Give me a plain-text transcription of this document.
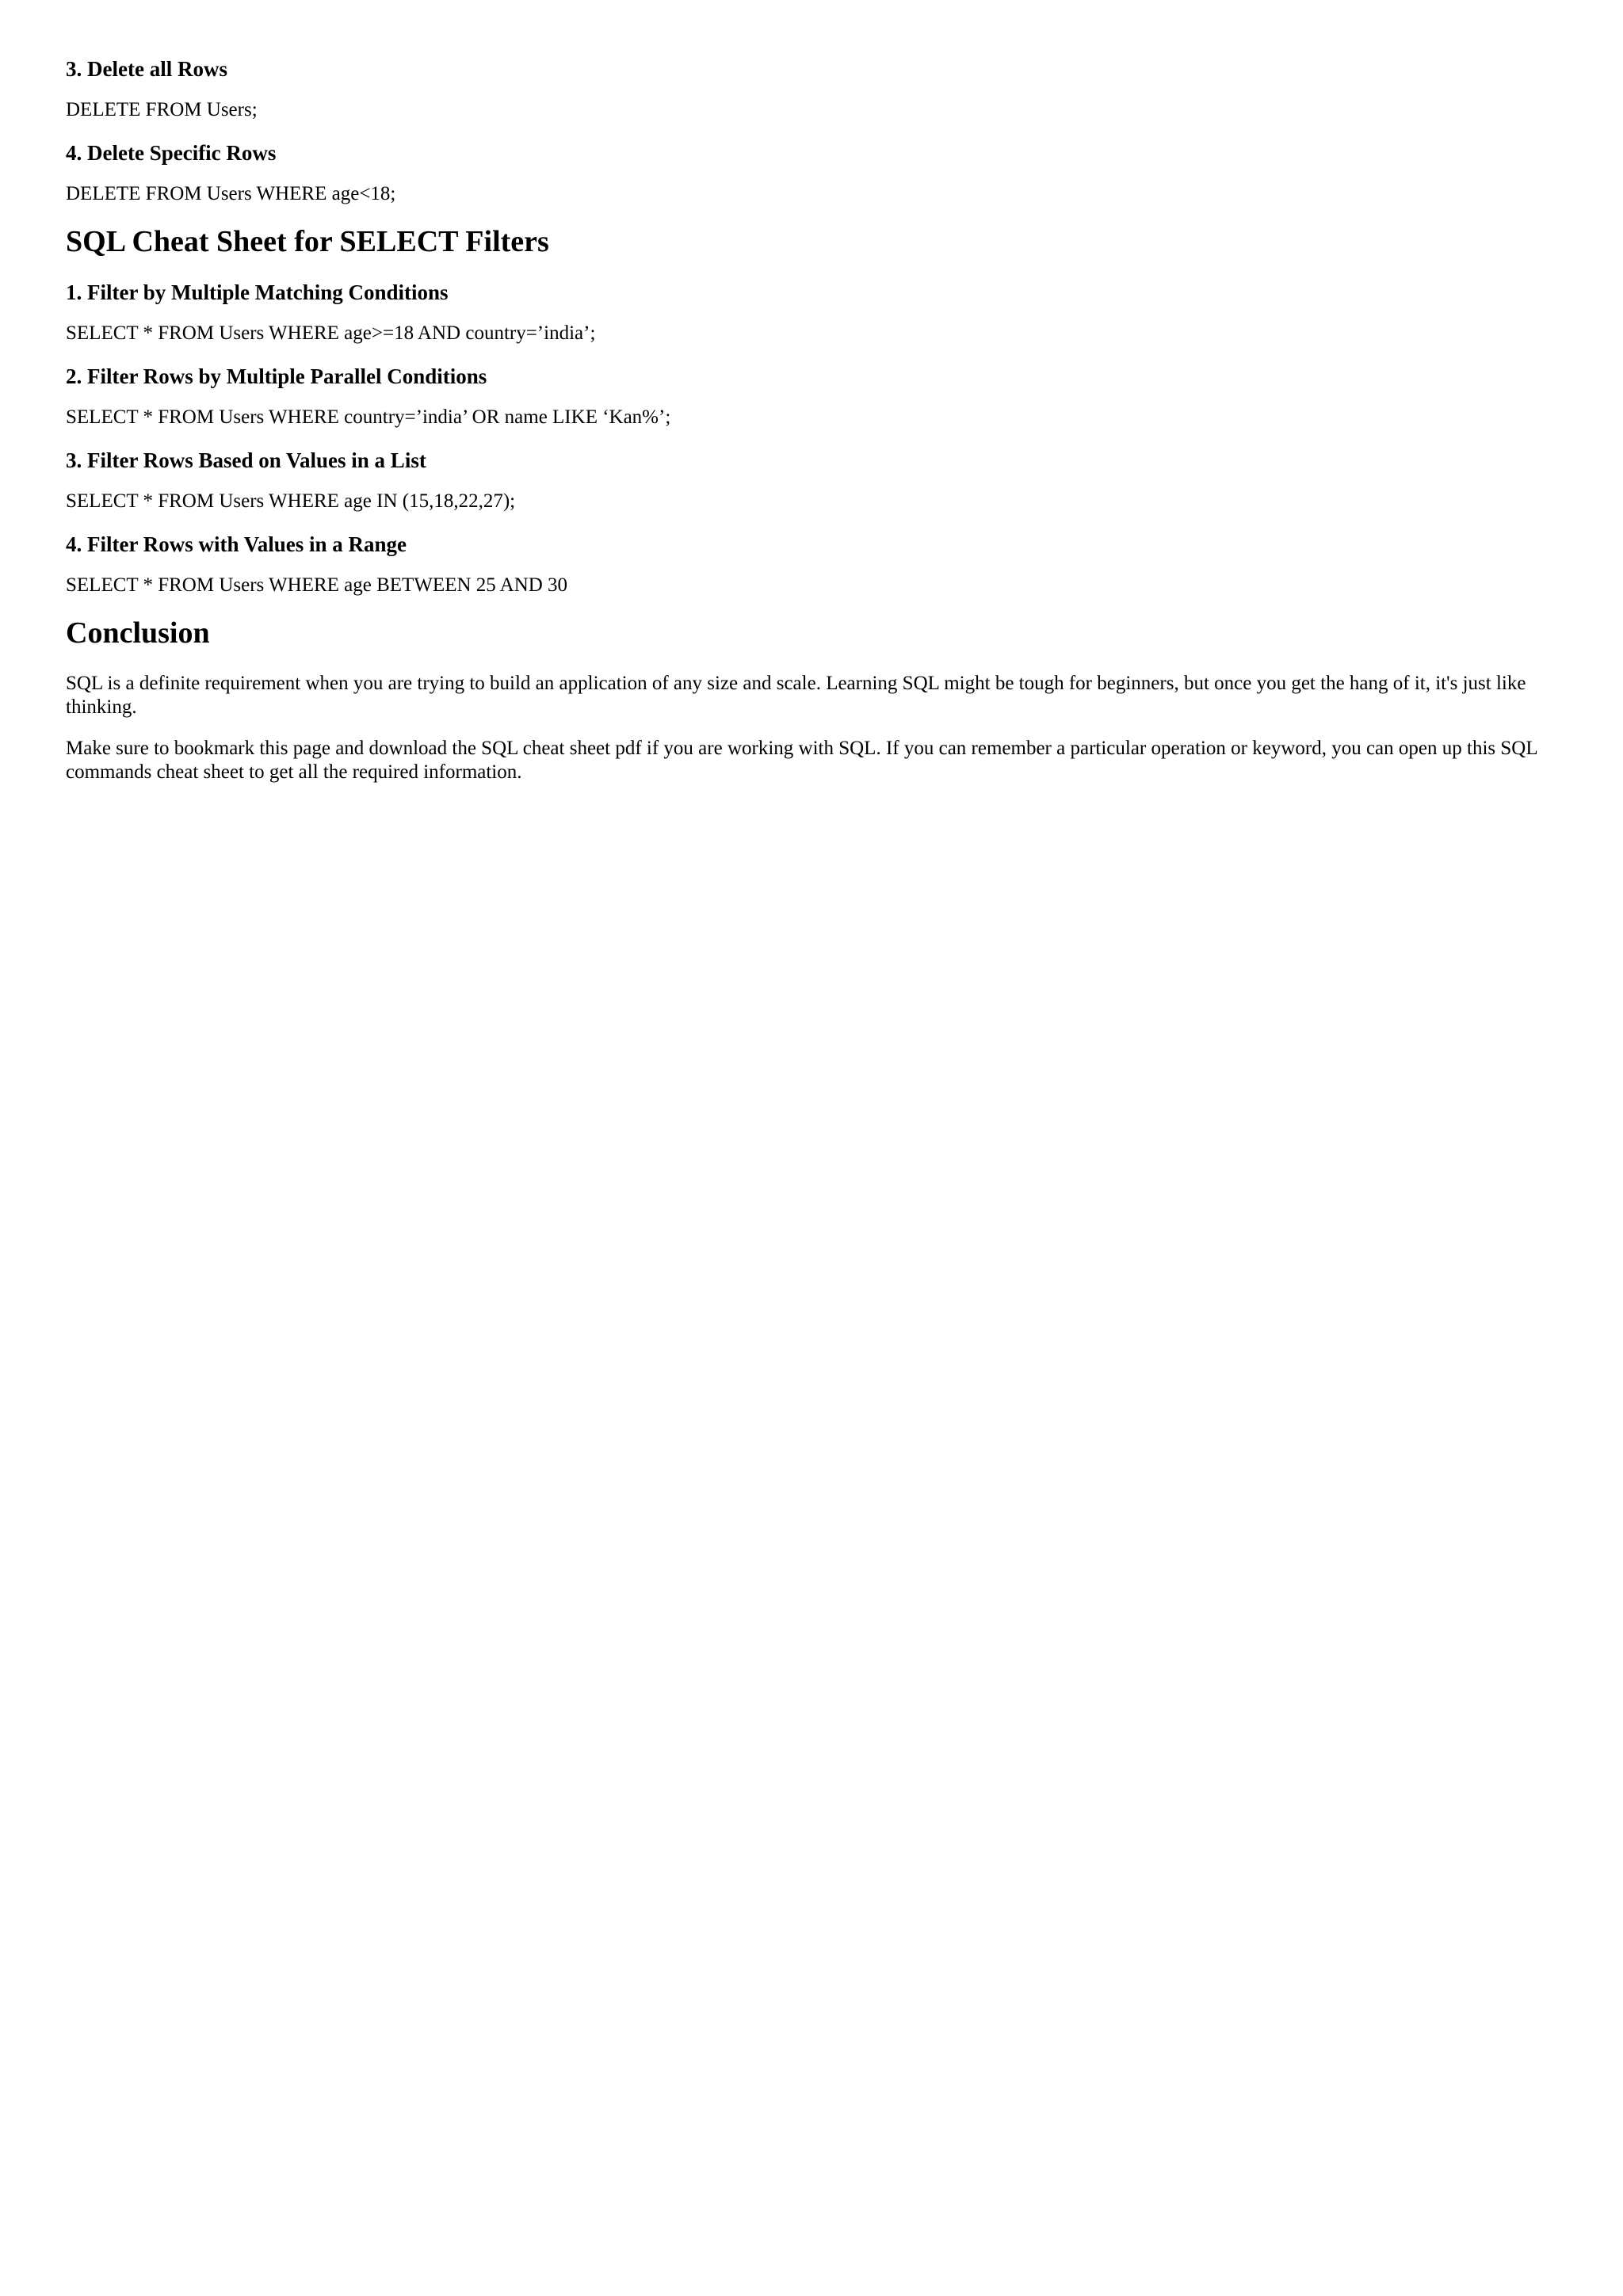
3. Delete all Rows

DELETE FROM Users;

4. Delete Specific Rows

DELETE FROM Users WHERE age<18;

SQL Cheat Sheet for SELECT Filters
1. Filter by Multiple Matching Conditions

SELECT * FROM Users WHERE age>=18 AND country=’india’;

2. Filter Rows by Multiple Parallel Conditions

SELECT * FROM Users WHERE country=’india’ OR name LIKE ‘Kan%’;

3. Filter Rows Based on Values in a List

SELECT * FROM Users WHERE age IN (15,18,22,27);

4. Filter Rows with Values in a Range

SELECT * FROM Users WHERE age BETWEEN 25 AND 30

Conclusion

SQL is a definite requirement when you are trying to build an application of any size and scale. Learning SQL might be tough for beginners, but once you get the hang of it, it's just like thinking.

Make sure to bookmark this page and download the SQL cheat sheet pdf if you are working with SQL. If you can remember a particular operation or keyword, you can open up this SQL commands cheat sheet to get all the required information.
